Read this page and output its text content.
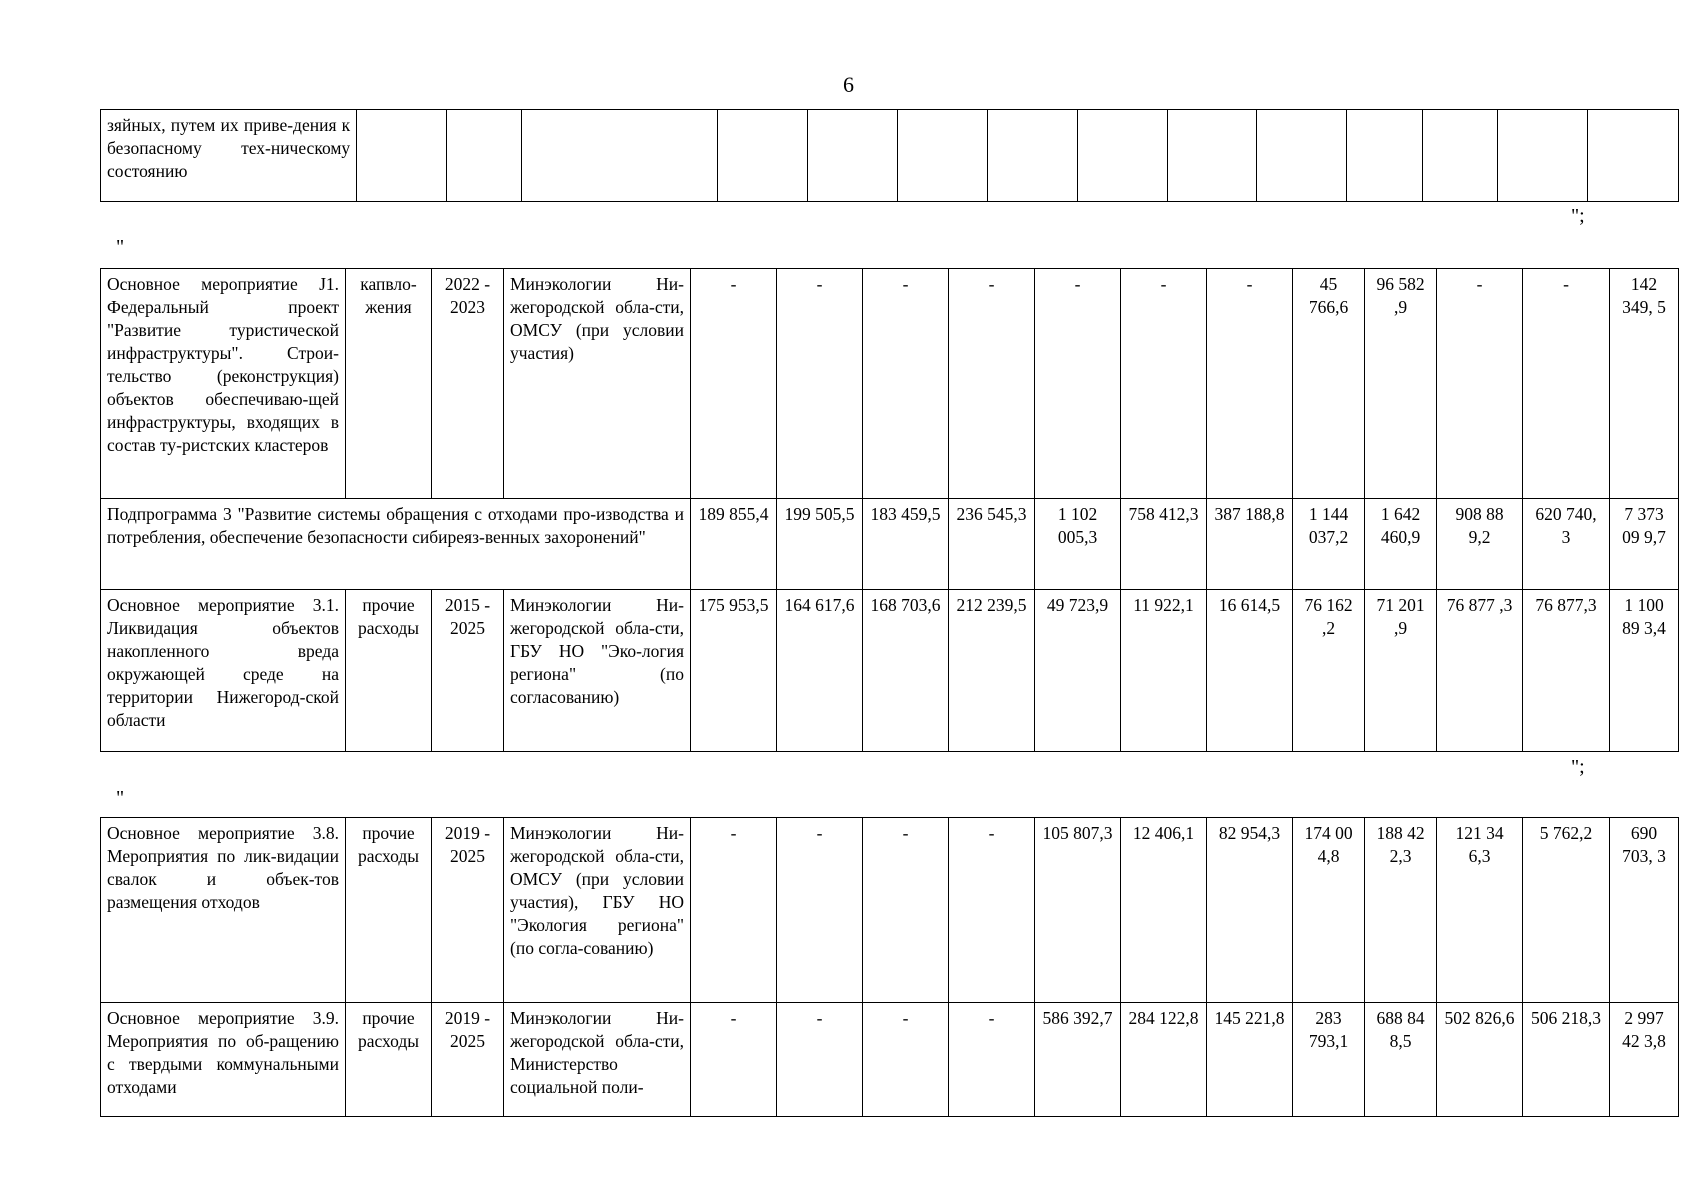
6
зяйных, путем их приве-дения к безопасному тех-ническому состоянию														
";
"
Основное мероприятие J1. Федеральный проект "Развитие туристической инфраструктуры". Строи-тельство (реконструкция) объектов обеспечиваю-щей инфраструктуры, входящих в состав ту-ристских кластеров	капвло-жения	2022 - 2023	Минэкологии Ни-жегородской обла-сти, ОМСУ (при условии участия)	-	-	-	-	-	-	-	45 766,6	96 582 ,9	-	-	142 349, 5
Подпрограмма 3 "Развитие системы обращения с отходами про-изводства и потребления, обеспечение безопасности сибиреяз-венных захоронений"				189 855,4	199 505,5	183 459,5	236 545,3	1 102 005,3	758 412,3	387 188,8	1 144 037,2	1 642 460,9	908 88 9,2	620 740, 3	7 373 09 9,7
Основное мероприятие 3.1. Ликвидация объектов накопленного вреда окружающей среде на территории Нижегород-ской области	прочие расходы	2015 - 2025	Минэкологии Ни-жегородской обла-сти, ГБУ НО "Эко-логия региона" (по согласованию)	175 953,5	164 617,6	168 703,6	212 239,5	49 723,9	11 922,1	16 614,5	76 162 ,2	71 201 ,9	76 877 ,3	76 877,3	1 100 89 3,4
";
"
Основное мероприятие 3.8. Мероприятия по лик-видации свалок и объек-тов размещения отходов	прочие расходы	2019 - 2025	Минэкологии Ни-жегородской обла-сти, ОМСУ (при условии участия), ГБУ НО "Экология региона" (по согла-сованию)	-	-	-	-	105 807,3	12 406,1	82 954,3	174 00 4,8	188 42 2,3	121 34 6,3	5 762,2	690 703, 3
Основное мероприятие 3.9. Мероприятия по об-ращению с твердыми коммунальными отходами	прочие расходы	2019 - 2025	Минэкологии Ни-жегородской обла-сти, Министерство социальной поли-	-	-	-	-	586 392,7	284 122,8	145 221,8	283 793,1	688 84 8,5	502 826,6	506 218,3	2 997 42 3,8
